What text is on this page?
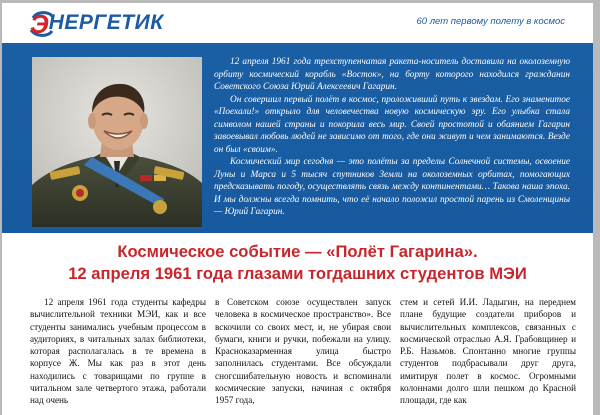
Э НЕРГЕТИК	60 лет первому полету в космос

12 апреля 1961 года трехступенчатая ракета-носитель доставила на околоземную орбиту космический корабль «Восток», на борту которого находился гражданин Советского Союза Юрий Алексеевич Гагарин.

Он совершил первый полёт в космос, проложивший путь к звездам. Его знаменитое «Поехали!» открыло для человечества новую космическую эру. Его улыбка стала символом нашей страны и покорила весь мир. Своей простотой и обаянием Гагарин завоевывал любовь людей не зависимо от того, где они живут и чем занимаются. Везде он был «своим».

Космический мир сегодня — это полёты за пределы Солнечной системы, освоение Луны и Марса и 5 тысяч спутников Земли на околоземных орбитах, помогающих предсказывать погоду, осуществлять связь между континентами… Такова наша эпоха. И мы должны всегда помнить, что её начало положил простой парень из Смоленщины — Юрий Гагарин.

Космическое событие — «Полёт Гагарина».
12 апреля 1961 года глазами тогдашних студентов МЭИ

12 апреля 1961 года студенты кафедры вычислительной техники МЭИ, как и все студенты занимались учебным процессом в аудиториях, в читальных залах библиотеки, которая располагалась в те времена в корпусе Ж. Мы как раз в этот день находились с товарищами по группе в читальном зале четвертого этажа, работали над очень

в Советском союзе осуществлен запуск человека в космическое пространство». Все вскочили со своих мест, и, не убирая свои бумаги, книги и ручки, побежали на улицу. Красноказарменная улица быстро заполнилась студентами. Все обсуждали сногсшибательную новость и вспоминали космические запуски, начиная с октября 1957 года,

стем и сетей И.И. Ладыгин, на переднем плане будущие создатели приборов и вычислительных комплексов, связанных с космической отраслью А.Я. Грабовщинер и Р.Б. Назьмов. Спонтанно многие группы студентов подбрасывали друг друга, имитируя полет в космос. Огромными колоннами долго шли пешком до Красной площади, где как
